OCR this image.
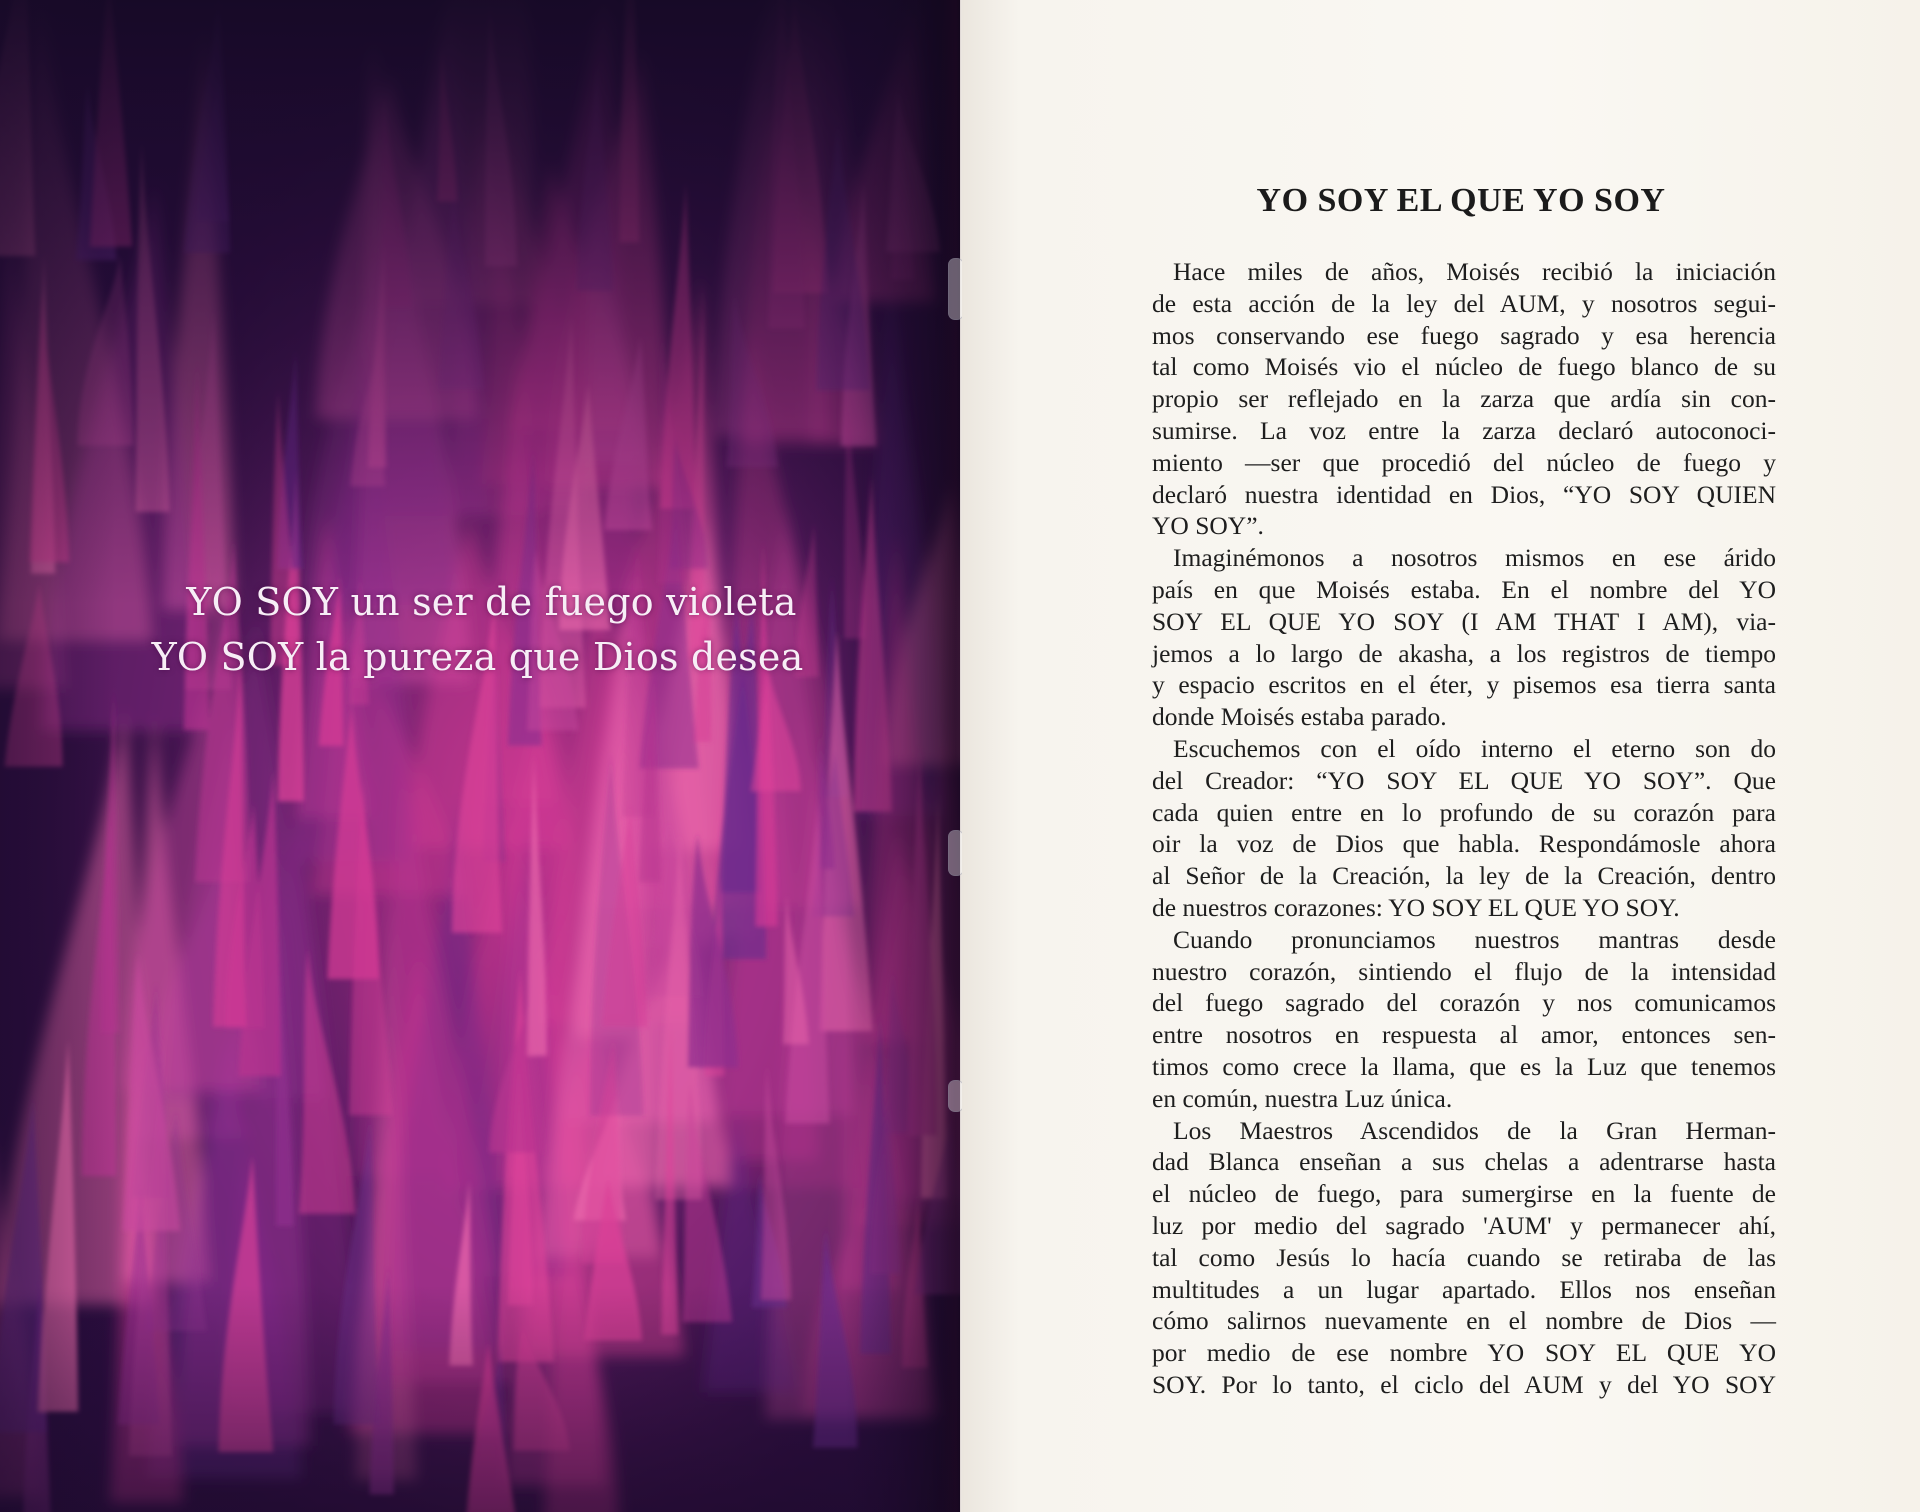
YO SOY un ser de fuego violeta
YO SOY la pureza que Dios desea
YO SOY EL QUE YO SOY
Hace miles de años, Moisés recibió la iniciación
de esta acción de la ley del AUM, y nosotros segui-
mos conservando ese fuego sagrado y esa herencia
tal como Moisés vio el núcleo de fuego blanco de su
propio ser reflejado en la zarza que ardía sin con-
sumirse. La voz entre la zarza declaró autoconoci-
miento —ser que procedió del núcleo de fuego y
declaró nuestra identidad en Dios, “YO SOY QUIEN
YO SOY”.
Imaginémonos a nosotros mismos en ese árido
país en que Moisés estaba. En el nombre del YO
SOY EL QUE YO SOY (I AM THAT I AM), via-
jemos a lo largo de akasha, a los registros de tiempo
y espacio escritos en el éter, y pisemos esa tierra santa
donde Moisés estaba parado.
Escuchemos con el oído interno el eterno son do
del Creador: “YO SOY EL QUE YO SOY”. Que
cada quien entre en lo profundo de su corazón para
oir la voz de Dios que habla. Respondámosle ahora
al Señor de la Creación, la ley de la Creación, dentro
de nuestros corazones: YO SOY EL QUE YO SOY.
Cuando pronunciamos nuestros mantras desde
nuestro corazón, sintiendo el flujo de la intensidad
del fuego sagrado del corazón y nos comunicamos
entre nosotros en respuesta al amor, entonces sen-
timos como crece la llama, que es la Luz que tenemos
en común, nuestra Luz única.
Los Maestros Ascendidos de la Gran Herman-
dad Blanca enseñan a sus chelas a adentrarse hasta
el núcleo de fuego, para sumergirse en la fuente de
luz por medio del sagrado 'AUM' y permanecer ahí,
tal como Jesús lo hacía cuando se retiraba de las
multitudes a un lugar apartado. Ellos nos enseñan
cómo salirnos nuevamente en el nombre de Dios —
por medio de ese nombre YO SOY EL QUE YO
SOY. Por lo tanto, el ciclo del AUM y del YO SOY
